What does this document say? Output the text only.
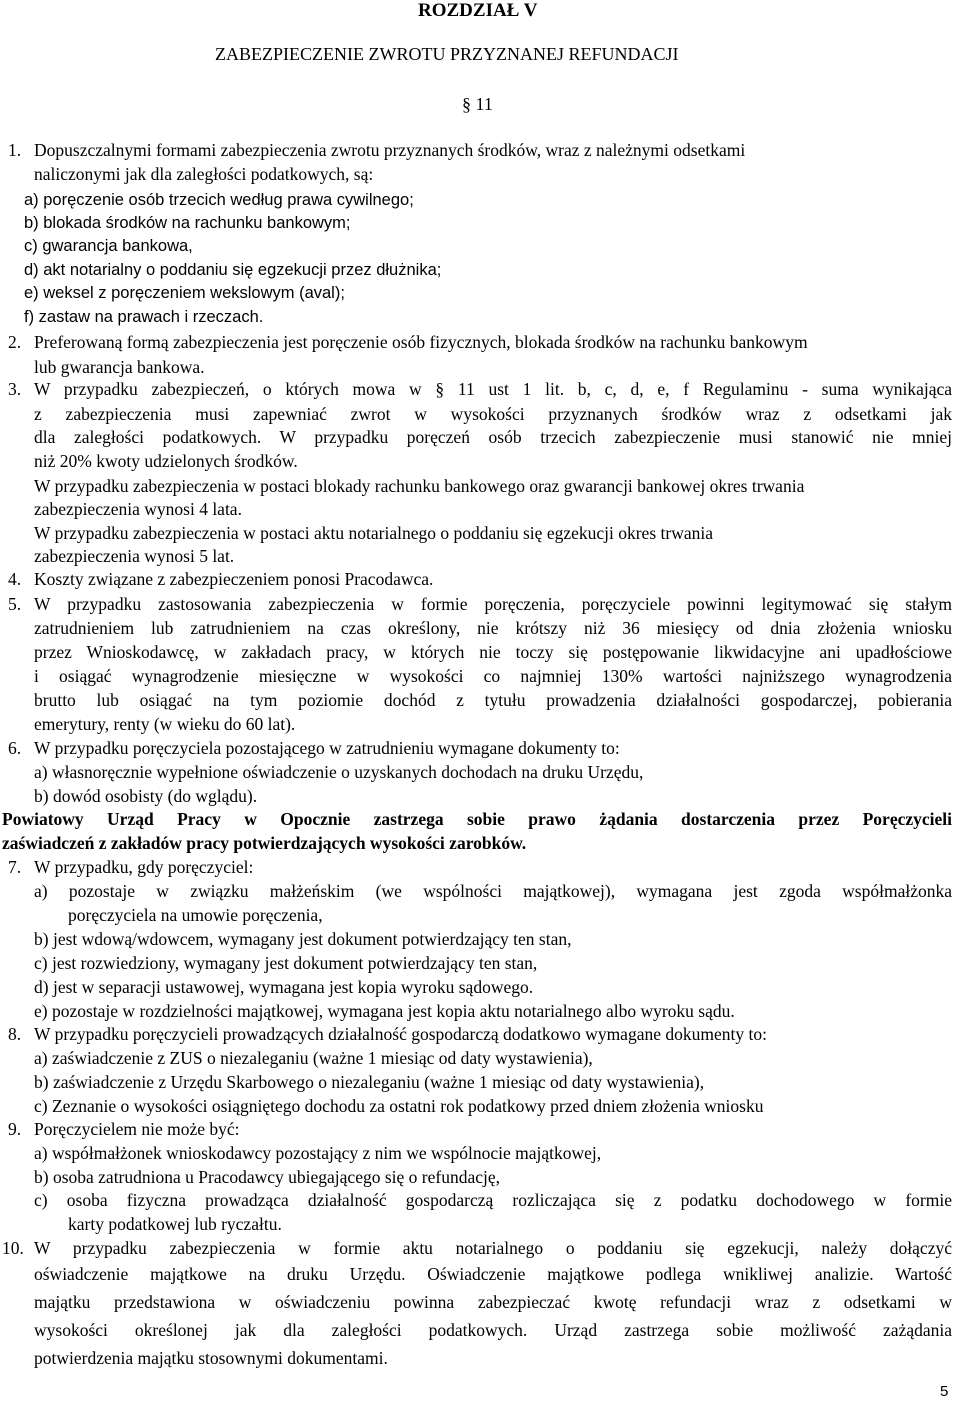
ROZDZIAŁ V
ZABEZPIECZENIE ZWROTU PRZYZNANEJ REFUNDACJI
§ 11
1. Dopuszczalnymi formami zabezpieczenia zwrotu przyznanych środków, wraz z należnymi odsetkami
naliczonymi jak dla zaległości podatkowych, są:
a) poręczenie osób trzecich według prawa cywilnego;
b) blokada środków na rachunku bankowym;
c) gwarancja bankowa,
d) akt notarialny o poddaniu się egzekucji przez dłużnika;
e) weksel z poręczeniem wekslowym (aval);
f) zastaw na prawach i rzeczach.
2. Preferowaną formą zabezpieczenia jest poręczenie osób fizycznych, blokada środków na rachunku bankowym
lub gwarancja bankowa.
3. W przypadku zabezpieczeń, o których mowa w § 11 ust 1 lit. b, c, d, e, f Regulaminu - suma wynikająca
z zabezpieczenia musi zapewniać zwrot w wysokości przyznanych środków wraz z odsetkami jak
dla zaległości podatkowych. W przypadku poręczeń osób trzecich zabezpieczenie musi stanowić nie mniej
niż 20% kwoty udzielonych środków.
W przypadku zabezpieczenia w postaci blokady rachunku bankowego oraz gwarancji bankowej okres trwania
zabezpieczenia wynosi 4 lata.
W przypadku zabezpieczenia w postaci aktu notarialnego o poddaniu się egzekucji okres trwania
zabezpieczenia wynosi 5 lat.
4. Koszty związane z zabezpieczeniem ponosi Pracodawca.
5. W przypadku zastosowania zabezpieczenia w formie poręczenia, poręczyciele powinni legitymować się stałym
zatrudnieniem lub zatrudnieniem na czas określony, nie krótszy niż 36 miesięcy od dnia złożenia wniosku
przez Wnioskodawcę, w zakładach pracy, w których nie toczy się postępowanie likwidacyjne ani upadłościowe
i osiągać wynagrodzenie miesięczne w wysokości co najmniej 130% wartości najniższego wynagrodzenia
brutto lub osiągać na tym poziomie dochód z tytułu prowadzenia działalności gospodarczej, pobierania
emerytury, renty (w wieku do 60 lat).
6. W przypadku poręczyciela pozostającego w zatrudnieniu wymagane dokumenty to:
a) własnoręcznie wypełnione oświadczenie o uzyskanych dochodach na druku Urzędu,
b) dowód osobisty (do wglądu).
Powiatowy Urząd Pracy w Opocznie zastrzega sobie prawo żądania dostarczenia przez Poręczycieli
zaświadczeń z zakładów pracy potwierdzających wysokości zarobków.
7. W przypadku, gdy poręczyciel:
a) pozostaje w związku małżeńskim (we wspólności majątkowej), wymagana jest zgoda współmałżonka
poręczyciela na umowie poręczenia,
b) jest wdową/wdowcem, wymagany jest dokument potwierdzający ten stan,
c) jest rozwiedziony, wymagany jest dokument potwierdzający ten stan,
d) jest w separacji ustawowej, wymagana jest kopia wyroku sądowego.
e) pozostaje w rozdzielności majątkowej, wymagana jest kopia aktu notarialnego albo wyroku sądu.
8. W przypadku poręczycieli prowadzących działalność gospodarczą dodatkowo wymagane dokumenty to:
a) zaświadczenie z ZUS o niezaleganiu (ważne 1 miesiąc od daty wystawienia),
b) zaświadczenie z Urzędu Skarbowego o niezaleganiu (ważne 1 miesiąc od daty wystawienia),
c) Zeznanie o wysokości osiągniętego dochodu za ostatni rok podatkowy przed dniem złożenia wniosku
9. Poręczycielem nie może być:
a) współmałżonek wnioskodawcy pozostający z nim we wspólnocie majątkowej,
b) osoba zatrudniona u Pracodawcy ubiegającego się o refundację,
c) osoba fizyczna prowadząca działalność gospodarczą rozliczająca się z podatku dochodowego w formie
karty podatkowej lub ryczałtu.
10. W przypadku zabezpieczenia w formie aktu notarialnego o poddaniu się egzekucji, należy dołączyć
oświadczenie majątkowe na druku Urzędu. Oświadczenie majątkowe podlega wnikliwej analizie. Wartość
majątku przedstawiona w oświadczeniu powinna zabezpieczać kwotę refundacji wraz z odsetkami w
wysokości określonej jak dla zaległości podatkowych. Urząd zastrzega sobie możliwość zażądania
potwierdzenia majątku stosownymi dokumentami.
5
